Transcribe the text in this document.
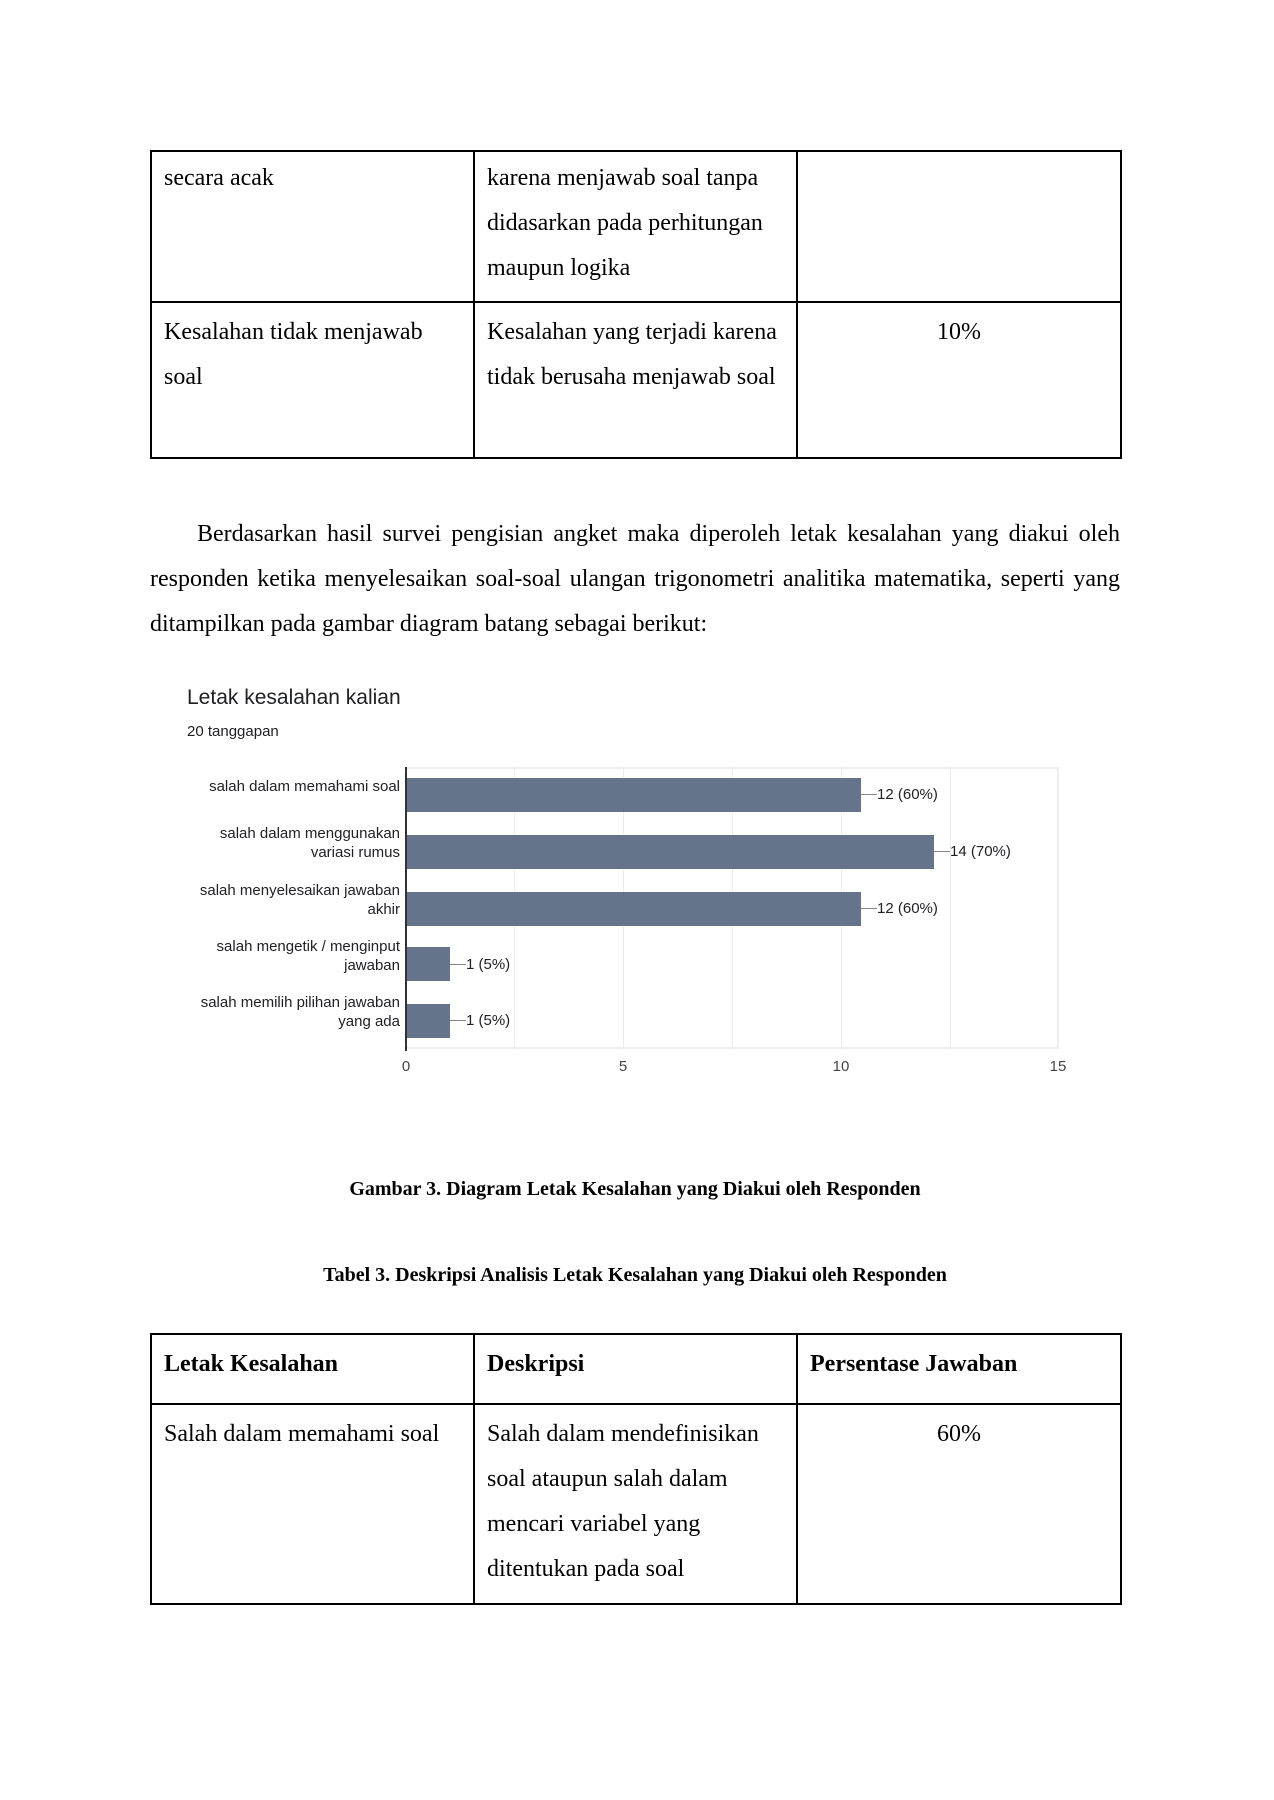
secara acak	karena menjawab soal tanpa didasarkan pada perhitungan maupun logika	
Kesalahan tidak menjawab soal	Kesalahan yang terjadi karena tidak berusaha menjawab soal	10%

Berdasarkan hasil survei pengisian angket maka diperoleh letak kesalahan yang diakui oleh responden ketika menyelesaikan soal-soal ulangan trigonometri analitika matematika, seperti yang ditampilkan pada gambar diagram batang sebagai berikut:

Letak kesalahan kalian
20 tanggapan
salah dalam memahami soal	12 (60%)
salah dalam menggunakan
variasi rumus	14 (70%)
salah menyelesaikan jawaban
akhir	12 (60%)
salah mengetik / menginput
jawaban	1 (5%)
salah memilih pilihan jawaban
yang ada	1 (5%)
0	5	10	15
Gambar 3. Diagram Letak Kesalahan yang Diakui oleh Responden
Tabel 3. Deskripsi Analisis Letak Kesalahan yang Diakui oleh Responden
Letak Kesalahan	Deskripsi	Persentase Jawaban
Salah dalam memahami soal	Salah dalam mendefinisikan soal ataupun salah dalam mencari variabel yang ditentukan pada soal	60%
